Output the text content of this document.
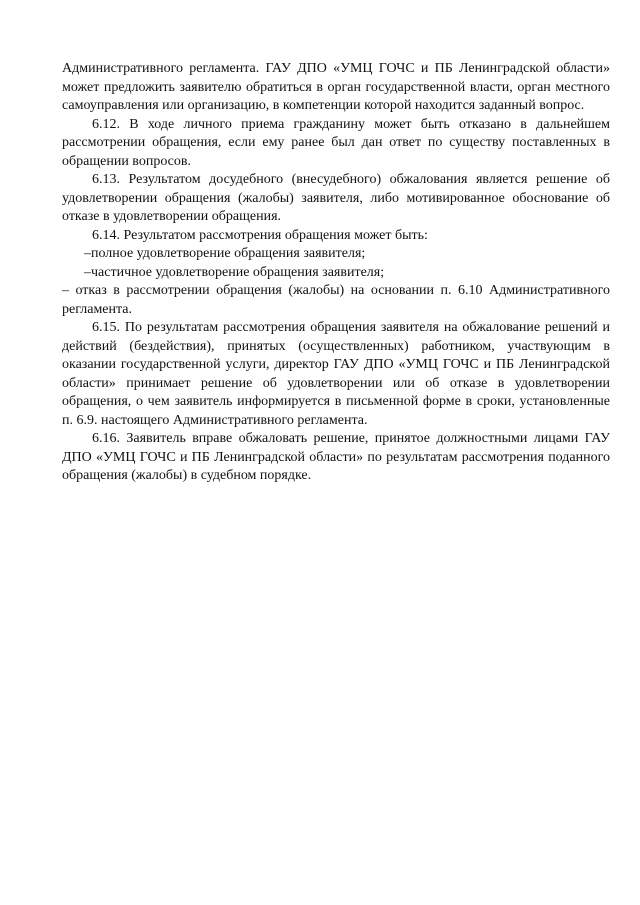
Административного регламента. ГАУ ДПО «УМЦ ГОЧС и ПБ Ленинградской области» может предложить заявителю обратиться в орган государственной власти, орган местного самоуправления или организацию, в компетенции которой находится заданный вопрос.

6.12. В ходе личного приема гражданину может быть отказано в дальнейшем рассмотрении обращения, если ему ранее был дан ответ по существу поставленных в обращении вопросов.

6.13. Результатом досудебного (внесудебного) обжалования является решение об удовлетворении обращения (жалобы) заявителя, либо мотивированное обоснование об отказе в удовлетворении обращения.

6.14. Результатом рассмотрения обращения может быть:

–полное удовлетворение обращения заявителя;

–частичное удовлетворение обращения заявителя;

– отказ в рассмотрении обращения (жалобы) на основании п. 6.10 Административного регламента.

6.15. По результатам рассмотрения обращения заявителя на обжалование решений и действий (бездействия), принятых (осуществленных) работником, участвующим в оказании государственной услуги, директор ГАУ ДПО «УМЦ ГОЧС и ПБ Ленинградской области» принимает решение об удовлетворении или об отказе в удовлетворении обращения, о чем заявитель информируется в письменной форме в сроки, установленные п. 6.9. настоящего Административного регламента.

6.16. Заявитель вправе обжаловать решение, принятое должностными лицами ГАУ ДПО «УМЦ ГОЧС и ПБ Ленинградской области» по результатам рассмотрения поданного обращения (жалобы) в судебном порядке.
